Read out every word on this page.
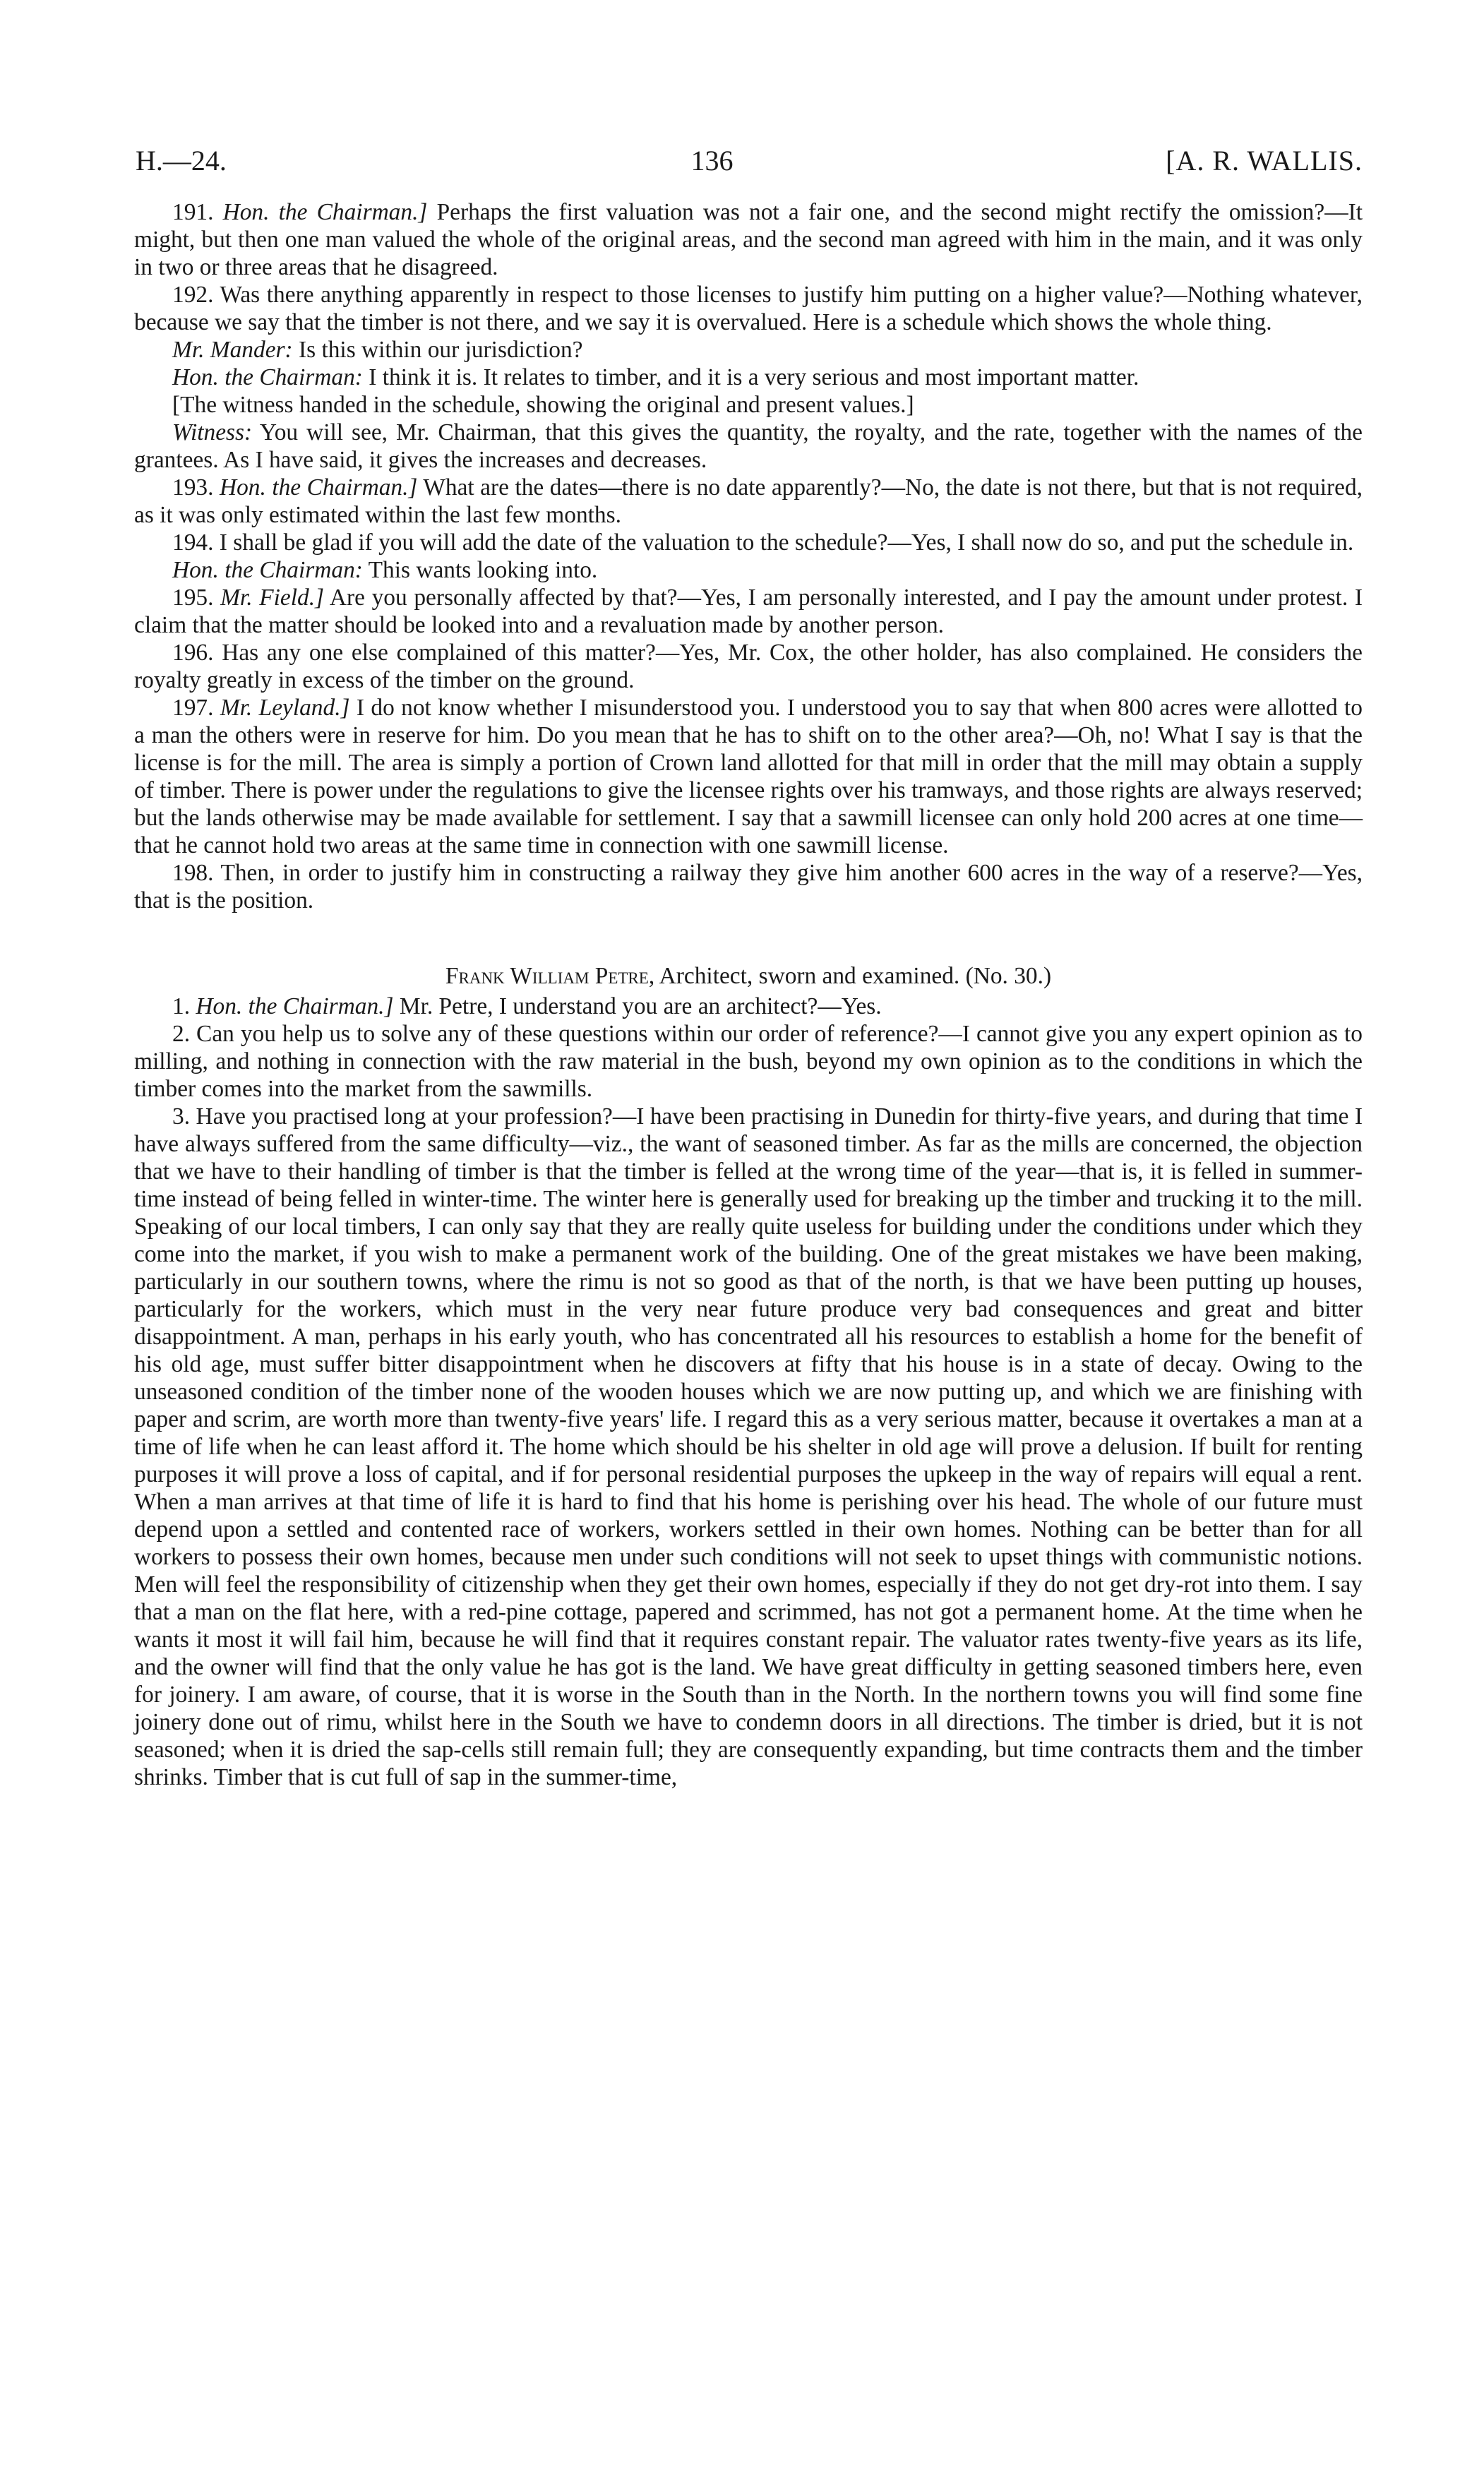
H.—24.	136	[A. R. WALLIS.

191. Hon. the Chairman.] Perhaps the first valuation was not a fair one, and the second might rectify the omission?—It might, but then one man valued the whole of the original areas, and the second man agreed with him in the main, and it was only in two or three areas that he disagreed.

192. Was there anything apparently in respect to those licenses to justify him putting on a higher value?—Nothing whatever, because we say that the timber is not there, and we say it is overvalued. Here is a schedule which shows the whole thing.

Mr. Mander: Is this within our jurisdiction?

Hon. the Chairman: I think it is. It relates to timber, and it is a very serious and most important matter.

[The witness handed in the schedule, showing the original and present values.]

Witness: You will see, Mr. Chairman, that this gives the quantity, the royalty, and the rate, together with the names of the grantees. As I have said, it gives the increases and decreases.

193. Hon. the Chairman.] What are the dates—there is no date apparently?—No, the date is not there, but that is not required, as it was only estimated within the last few months.

194. I shall be glad if you will add the date of the valuation to the schedule?—Yes, I shall now do so, and put the schedule in.

Hon. the Chairman: This wants looking into.

195. Mr. Field.] Are you personally affected by that?—Yes, I am personally interested, and I pay the amount under protest. I claim that the matter should be looked into and a revaluation made by another person.

196. Has any one else complained of this matter?—Yes, Mr. Cox, the other holder, has also complained. He considers the royalty greatly in excess of the timber on the ground.

197. Mr. Leyland.] I do not know whether I misunderstood you. I understood you to say that when 800 acres were allotted to a man the others were in reserve for him. Do you mean that he has to shift on to the other area?—Oh, no! What I say is that the license is for the mill. The area is simply a portion of Crown land allotted for that mill in order that the mill may obtain a supply of timber. There is power under the regulations to give the licensee rights over his tramways, and those rights are always reserved; but the lands otherwise may be made available for settlement. I say that a sawmill licensee can only hold 200 acres at one time—that he cannot hold two areas at the same time in connection with one sawmill license.

198. Then, in order to justify him in constructing a railway they give him another 600 acres in the way of a reserve?—Yes, that is the position.

Frank William Petre, Architect, sworn and examined. (No. 30.)

1. Hon. the Chairman.] Mr. Petre, I understand you are an architect?—Yes.

2. Can you help us to solve any of these questions within our order of reference?—I cannot give you any expert opinion as to milling, and nothing in connection with the raw material in the bush, beyond my own opinion as to the conditions in which the timber comes into the market from the sawmills.

3. Have you practised long at your profession?—I have been practising in Dunedin for thirty-five years, and during that time I have always suffered from the same difficulty—viz., the want of seasoned timber. As far as the mills are concerned, the objection that we have to their handling of timber is that the timber is felled at the wrong time of the year—that is, it is felled in summer-time instead of being felled in winter-time. The winter here is generally used for breaking up the timber and trucking it to the mill. Speaking of our local timbers, I can only say that they are really quite useless for building under the conditions under which they come into the market, if you wish to make a permanent work of the building. One of the great mistakes we have been making, particularly in our southern towns, where the rimu is not so good as that of the north, is that we have been putting up houses, particularly for the workers, which must in the very near future produce very bad consequences and great and bitter disappointment. A man, perhaps in his early youth, who has concentrated all his resources to establish a home for the benefit of his old age, must suffer bitter disappointment when he discovers at fifty that his house is in a state of decay. Owing to the unseasoned condition of the timber none of the wooden houses which we are now putting up, and which we are finishing with paper and scrim, are worth more than twenty-five years' life. I regard this as a very serious matter, because it overtakes a man at a time of life when he can least afford it. The home which should be his shelter in old age will prove a delusion. If built for renting purposes it will prove a loss of capital, and if for personal residential purposes the upkeep in the way of repairs will equal a rent. When a man arrives at that time of life it is hard to find that his home is perishing over his head. The whole of our future must depend upon a settled and contented race of workers, workers settled in their own homes. Nothing can be better than for all workers to possess their own homes, because men under such conditions will not seek to upset things with communistic notions. Men will feel the responsibility of citizenship when they get their own homes, especially if they do not get dry-rot into them. I say that a man on the flat here, with a red-pine cottage, papered and scrimmed, has not got a permanent home. At the time when he wants it most it will fail him, because he will find that it requires constant repair. The valuator rates twenty-five years as its life, and the owner will find that the only value he has got is the land. We have great difficulty in getting seasoned timbers here, even for joinery. I am aware, of course, that it is worse in the South than in the North. In the northern towns you will find some fine joinery done out of rimu, whilst here in the South we have to condemn doors in all directions. The timber is dried, but it is not seasoned; when it is dried the sap-cells still remain full; they are consequently expanding, but time contracts them and the timber shrinks. Timber that is cut full of sap in the summer-time,
